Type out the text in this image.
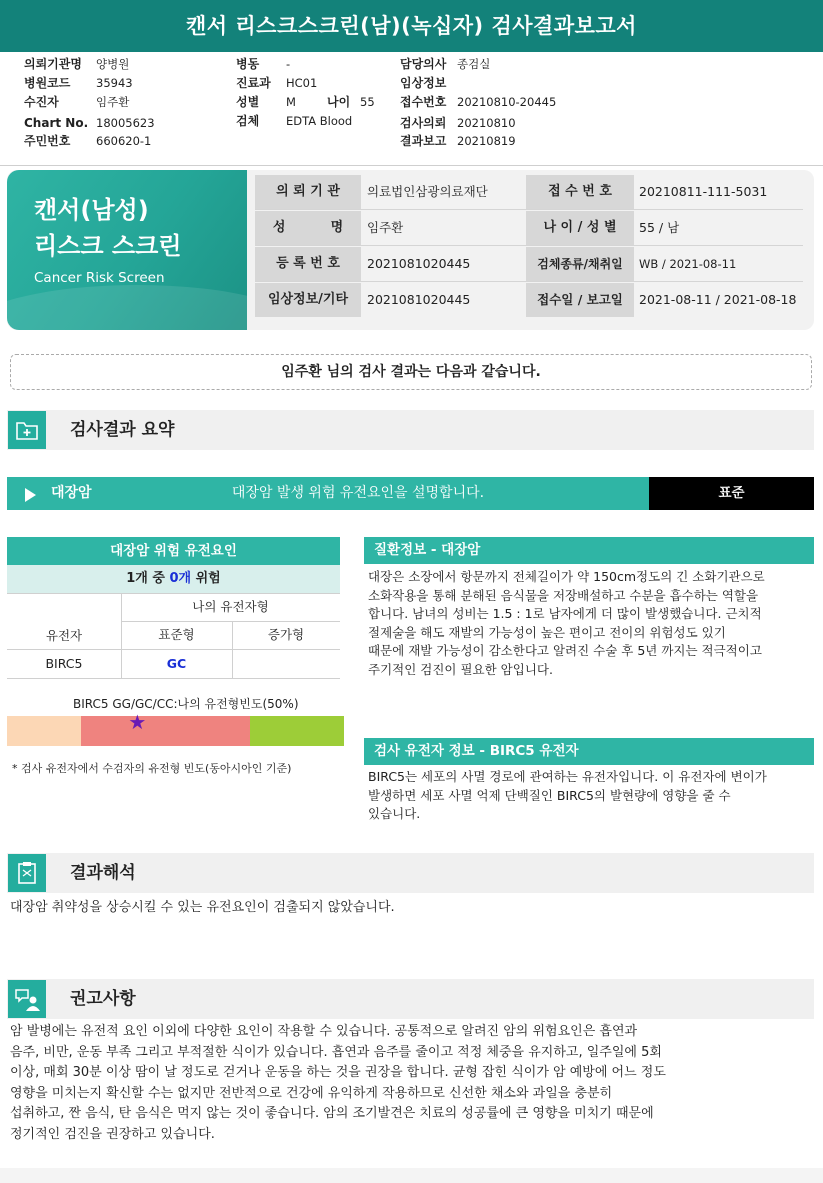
캔서 리스크스크린(남)(녹십자) 검사결과보고서
의뢰기관명 양병원
병원코드 35943
수진자	임주환
Chart No. 18005623
주민번호 660620-1
병동 -
진료과 HC01
성별 M	나이 55
검체 EDTA Blood
담당의사 종검실
임상정보
접수번호 20210810-20445
검사의뢰 20210810
결과보고 20210819
캔서(남성)
리스크 스크린
Cancer Risk Screen
의 뢰 기 관	의료법인삼광의료재단	접 수 번 호	20210811-111-5031
성          명	임주환	나 이 / 성 별	55 / 남
등 록 번 호	2021081020445	검체종류/채취일	WB / 2021-08-11
임상정보/기타	2021081020445	접수일 / 보고일	2021-08-11 / 2021-08-18
임주환 님의 검사 결과는 다음과 같습니다.
검사결과 요약
대장암 발생 위험 유전요인을 설명합니다.
대장암	표준
대장암 위험 유전요인
1개 중 0개 위험
나의 유전자형
유전자	표준형	증가형
BIRC5	GC
BIRC5 GG/GC/CC:나의 유전형빈도(50%)
★
* 검사 유전자에서 수검자의 유전형 빈도(동아시아인 기준)
질환정보 - 대장암
대장은 소장에서 항문까지 전체길이가 약 150cm정도의 긴 소화기관으로
소화작용을 통해 분해된 음식물을 저장배설하고 수분을 흡수하는 역할을
합니다. 남녀의 성비는 1.5 : 1로 남자에게 더 많이 발생했습니다. 근치적
절제술을 해도 재발의 가능성이 높은 편이고 전이의 위험성도 있기
때문에 재발 가능성이 감소한다고 알려진 수술 후 5년 까지는 적극적이고
주기적인 검진이 필요한 암입니다.
검사 유전자 정보 - BIRC5 유전자
BIRC5는 세포의 사멸 경로에 관여하는 유전자입니다. 이 유전자에 변이가
발생하면 세포 사멸 억제 단백질인 BIRC5의 발현량에 영향을 줄 수
있습니다.
결과해석
대장암 취약성을 상승시킬 수 있는 유전요인이 검출되지 않았습니다.
권고사항
암 발병에는 유전적 요인 이외에 다양한 요인이 작용할 수 있습니다. 공통적으로 알려진 암의 위험요인은 흡연과
음주, 비만, 운동 부족 그리고 부적절한 식이가 있습니다. 흡연과 음주를 줄이고 적정 체중을 유지하고, 일주일에 5회
이상, 매회 30분 이상 땀이 날 정도로 걷거나 운동을 하는 것을 권장을 합니다. 균형 잡힌 식이가 암 예방에 어느 정도
영향을 미치는지 확신할 수는 없지만 전반적으로 건강에 유익하게 작용하므로 신선한 채소와 과일을 충분히
섭취하고, 짠 음식, 탄 음식은 먹지 않는 것이 좋습니다. 암의 조기발견은 치료의 성공률에 큰 영향을 미치기 때문에
정기적인 검진을 권장하고 있습니다.
